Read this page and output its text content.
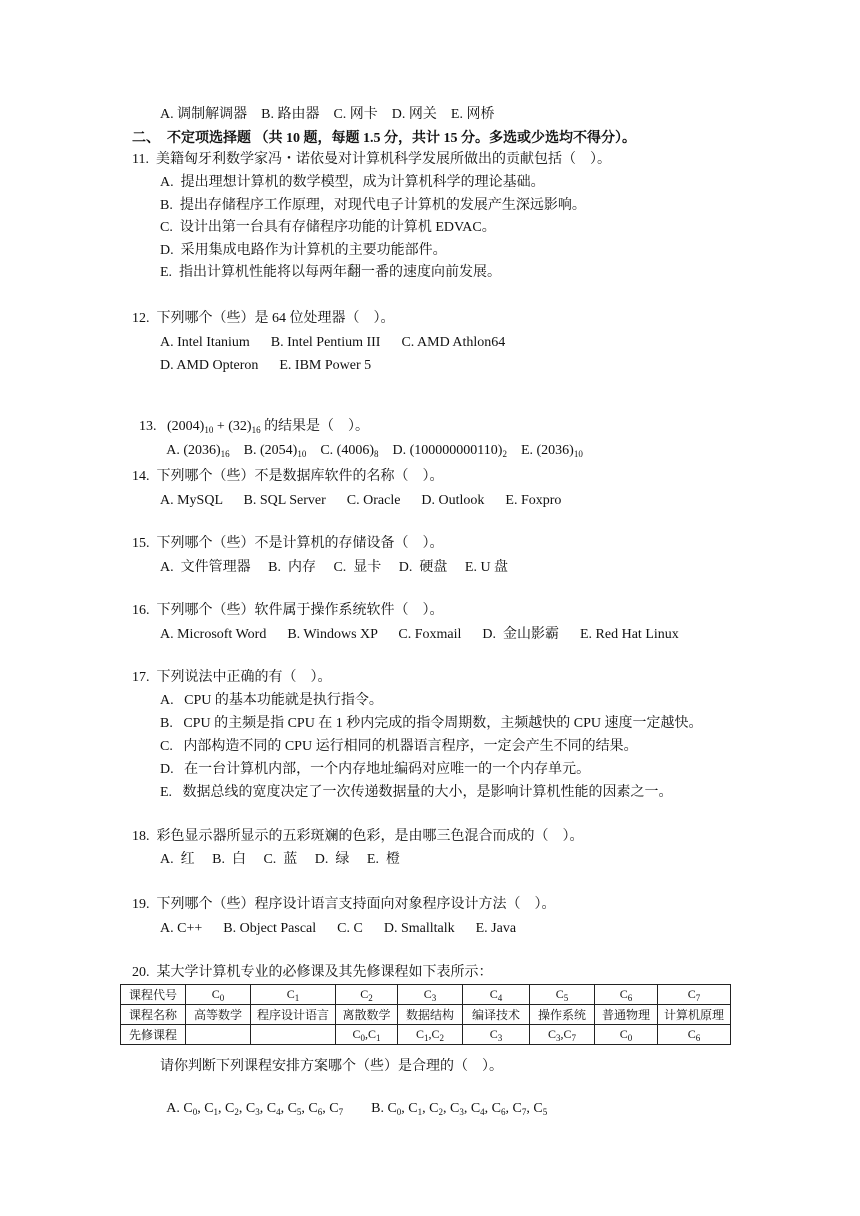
A. 调制解调器    B. 路由器    C. 网卡    D. 网关    E. 网桥
二、  不定项选择题 （共 10 题，每题 1.5 分，共计 15 分。多选或少选均不得分）。
11.  美籍匈牙利数学家冯・诺依曼对计算机科学发展所做出的贡献包括（    ）。
A.  提出理想计算机的数学模型，成为计算机科学的理论基础。
B.  提出存储程序工作原理，对现代电子计算机的发展产生深远影响。
C.  设计出第一台具有存储程序功能的计算机 EDVAC。
D.  采用集成电路作为计算机的主要功能部件。
E.  指出计算机性能将以每两年翻一番的速度向前发展。
12.  下列哪个（些）是 64 位处理器（    ）。
A. Intel Itanium      B. Intel Pentium III      C. AMD Athlon64
D. AMD Opteron      E. IBM Power 5

13.   $(2004)_{10} + (32)_{16}$ 的结果是（    ）。

A. $(2036)_{16}$ B. $(2054)_{10}$ C. $(4006)_8$ D. $(100000000110)_2$ E. $(2036)_{10}$

14.  下列哪个（些）不是数据库软件的名称（    ）。
A. MySQL      B. SQL Server      C. Oracle      D. Outlook      E. Foxpro
15.  下列哪个（些）不是计算机的存储设备（    ）。
A.  文件管理器     B.  内存     C.  显卡     D.  硬盘     E. U 盘
16.  下列哪个（些）软件属于操作系统软件（    ）。
A. Microsoft Word      B. Windows XP      C. Foxmail      D.  金山影霸      E. Red Hat Linux
17.  下列说法中正确的有（    ）。
A.   CPU 的基本功能就是执行指令。
B.   CPU 的主频是指 CPU 在 1 秒内完成的指令周期数，主频越快的 CPU 速度一定越快。
C.   内部构造不同的 CPU 运行相同的机器语言程序，一定会产生不同的结果。
D.   在一台计算机内部，一个内存地址编码对应唯一的一个内存单元。
E.   数据总线的宽度决定了一次传递数据量的大小，是影响计算机性能的因素之一。
18.  彩色显示器所显示的五彩斑斓的色彩，是由哪三色混合而成的（    ）。
A.  红     B.  白     C.  蓝     D.  绿     E.  橙
19.  下列哪个（些）程序设计语言支持面向对象程序设计方法（    ）。
A. C++      B. Object Pascal      C. C      D. Smalltalk      E. Java
20.  某大学计算机专业的必修课及其先修课程如下表所示：
课程代号	$C_0$	$C_1$	$C_2$	$C_3$	$C_4$	$C_5$	$C_6$	$C_7$
课程名称	高等数学	程序设计语言	离散数学	数据结构	编译技术	操作系统	普通物理	计算机原理
先修课程			$C_0,C_1$	$C_1,C_2$	$C_3$	$C_3,C_7$	$C_0$	$C_6$
请你判断下列课程安排方案哪个（些）是合理的（    ）。

A. $C_0$, $C_1$, $C_2$, $C_3$, $C_4$, $C_5$, $C_6$, $C_7$ B. $C_0$, $C_1$, $C_2$, $C_3$, $C_4$, $C_6$, $C_7$, $C_5$
